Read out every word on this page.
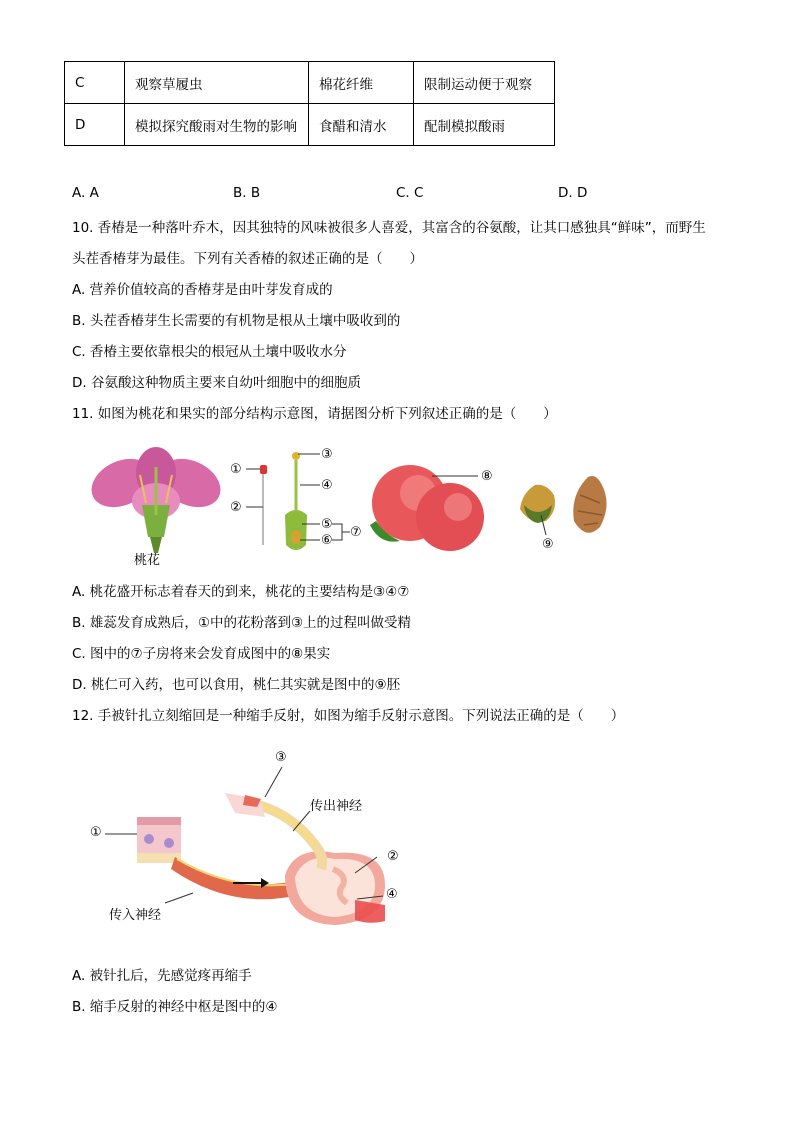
C	观察草履虫	棉花纤维	限制运动便于观察
D	模拟探究酸雨对生物的影响	食醋和清水	配制模拟酸雨
A. A	B. B	C. C	D. D
10. 香椿是一种落叶乔木，因其独特的风味被很多人喜爱，其富含的谷氨酸，让其口感独具“鲜味”，而野生
头茬香椿芽为最佳。下列有关香椿的叙述正确的是（　　）
A. 营养价值较高的香椿芽是由叶芽发育成的
B. 头茬香椿芽生长需要的有机物是根从土壤中吸收到的
C. 香椿主要依靠根尖的根冠从土壤中吸收水分
D. 谷氨酸这种物质主要来自幼叶细胞中的细胞质
11. 如图为桃花和果实的部分结构示意图，请据图分析下列叙述正确的是（　　）
桃花
①
②
③
④
⑤
⑥
⑦
⑧
⑨
A. 桃花盛开标志着春天的到来，桃花的主要结构是③④⑦
B. 雄蕊发育成熟后，①中的花粉落到③上的过程叫做受精
C. 图中的⑦子房将来会发育成图中的⑧果实
D. 桃仁可入药，也可以食用，桃仁其实就是图中的⑨胚
12. 手被针扎立刻缩回是一种缩手反射，如图为缩手反射示意图。下列说法正确的是（　　）
①
②
③
④
传出神经
传入神经
A. 被针扎后，先感觉疼再缩手
B. 缩手反射的神经中枢是图中的④
